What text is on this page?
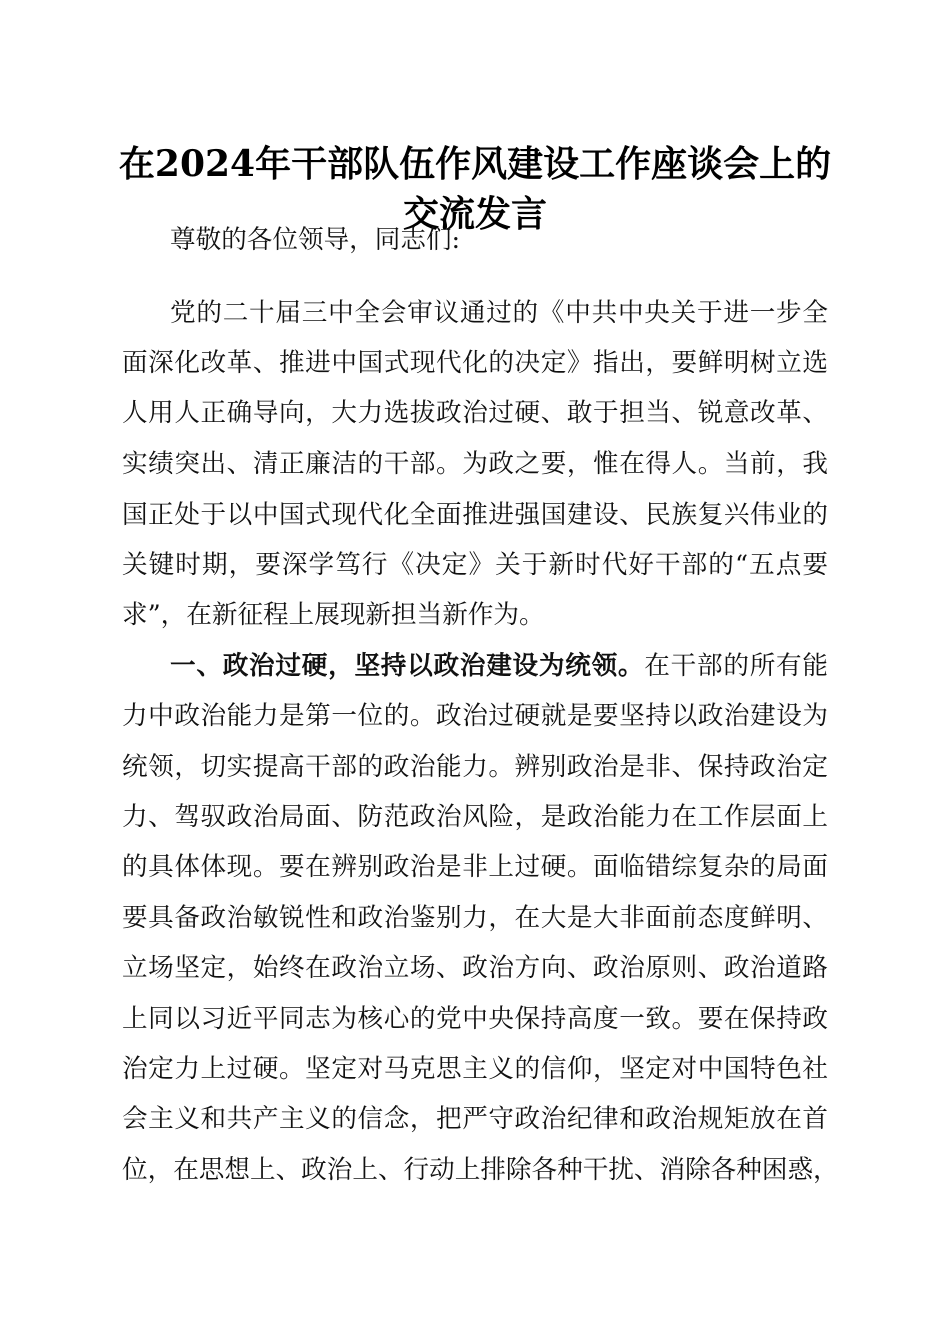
在2024年干部队伍作风建设工作座谈会上的
交流发言
尊敬的各位领导，同志们:
党的二十届三中全会审议通过的《中共中央关于进一步全
面深化改革、推进中国式现代化的决定》指出，要鲜明树立选
人用人正确导向，大力选拔政治过硬、敢于担当、锐意改革、
实绩突出、清正廉洁的干部。为政之要，惟在得人。当前，我
国正处于以中国式现代化全面推进强国建设、民族复兴伟业的
关键时期，要深学笃行《决定》关于新时代好干部的“五点要
求”，在新征程上展现新担当新作为。
一、政治过硬，坚持以政治建设为统领。在干部的所有能
力中政治能力是第一位的。政治过硬就是要坚持以政治建设为
统领，切实提高干部的政治能力。辨别政治是非、保持政治定
力、驾驭政治局面、防范政治风险，是政治能力在工作层面上
的具体体现。要在辨别政治是非上过硬。面临错综复杂的局面
要具备政治敏锐性和政治鉴别力，在大是大非面前态度鲜明、
立场坚定，始终在政治立场、政治方向、政治原则、政治道路
上同以习近平同志为核心的党中央保持高度一致。要在保持政
治定力上过硬。坚定对马克思主义的信仰，坚定对中国特色社
会主义和共产主义的信念，把严守政治纪律和政治规矩放在首
位，在思想上、政治上、行动上排除各种干扰、消除各种困惑，
